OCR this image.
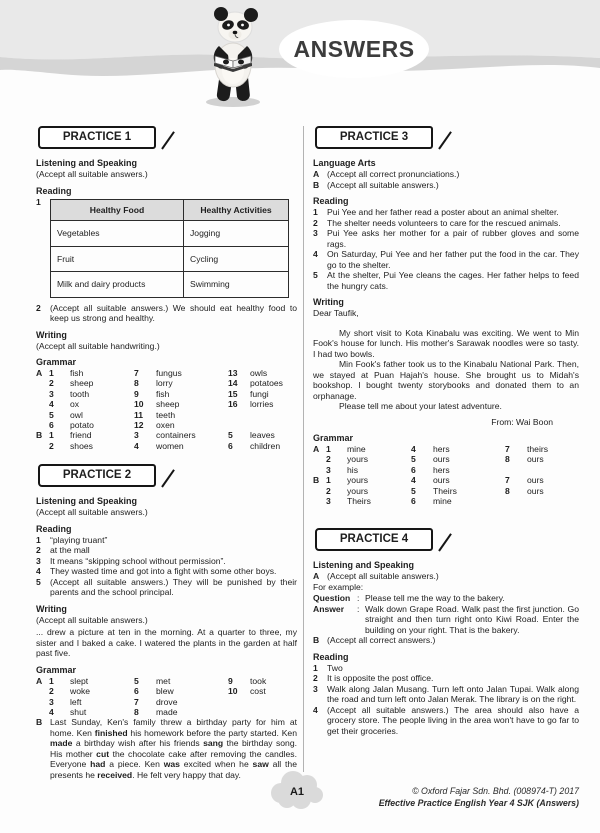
ANSWERS
PRACTICE 1
Listening and Speaking
(Accept all suitable answers.)
Reading
1
Healthy Food	Healthy Activities
Vegetables	Jogging
Fruit	Cycling
Milk and dairy products	Swimming
2	(Accept all suitable answers.) We should eat healthy food to keep us strong and healthy.
Writing
(Accept all suitable handwriting.)
Grammar
A 1	fish	7	fungus	13	owls
2	sheep	8	lorry	14	potatoes
3	tooth	9	fish	15	fungi
4	ox	10	sheep	16	lorries
5	owl	11	teeth
6	potato	12	oxen
B 1	friend	3	containers	5	leaves
2	shoes	4	women	6	children
PRACTICE 2
Listening and Speaking
(Accept all suitable answers.)
Reading
1	“playing truant”
2	at the mall
3	It means “skipping school without permission”.
4	They wasted time and got into a fight with some other boys.
5	(Accept all suitable answers.) They will be punished by their parents and the school principal.
Writing
(Accept all suitable answers.)
... drew a picture at ten in the morning. At a quarter to three, my sister and I baked a cake. I watered the plants in the garden at half past five.
Grammar
A 1	slept	5	met	9	took
2	woke	6	blew	10	cost
3	left	7	drove
4	shut	8	made
B Last Sunday, Ken's family threw a birthday party for him at home. Ken finished his homework before the party started. Ken made a birthday wish after his friends sang the birthday song. His mother cut the chocolate cake after removing the candles. Everyone had a piece. Ken was excited when he saw all the presents he received. He felt very happy that day.
PRACTICE 3
Language Arts
A (Accept all correct pronunciations.)
B (Accept all suitable answers.)
Reading
1	Pui Yee and her father read a poster about an animal shelter.
2	The shelter needs volunteers to care for the rescued animals.
3	Pui Yee asks her mother for a pair of rubber gloves and some rags.
4	On Saturday, Pui Yee and her father put the food in the car. They go to the shelter.
5	At the shelter, Pui Yee cleans the cages. Her father helps to feed the hungry cats.
Writing
Dear Taufik,
My short visit to Kota Kinabalu was exciting. We went to Min Fook's house for lunch. His mother's Sarawak noodles were so tasty. I had two bowls.
Min Fook's father took us to the Kinabalu National Park. Then, we stayed at Puan Hajah's house. She brought us to Midah's bookshop. I bought twenty storybooks and donated them to an orphanage.
Please tell me about your latest adventure.
From: Wai Boon
Grammar
A 1	mine	4	hers	7	theirs
2	yours	5	ours	8	ours
3	his	6	hers
B 1	yours	4	ours	7	ours
2	yours	5	Theirs	8	ours
3	Theirs	6	mine
PRACTICE 4
Listening and Speaking
A (Accept all suitable answers.)
For example:
Question : Please tell me the way to the bakery.
Answer	: Walk down Grape Road. Walk past the first junction. Go straight and then turn right onto Kiwi Road. Enter the building on your right. That is the bakery.
B (Accept all correct answers.)
Reading
1	Two
2	It is opposite the post office.
3	Walk along Jalan Musang. Turn left onto Jalan Tupai. Walk along the road and turn left onto Jalan Merak. The library is on the right.
4	(Accept all suitable answers.) The area should also have a grocery store. The people living in the area won't have to go far to get their groceries.
© Oxford Fajar Sdn. Bhd. (008974-T) 2017
Effective Practice English Year 4 SJK (Answers)
A1
